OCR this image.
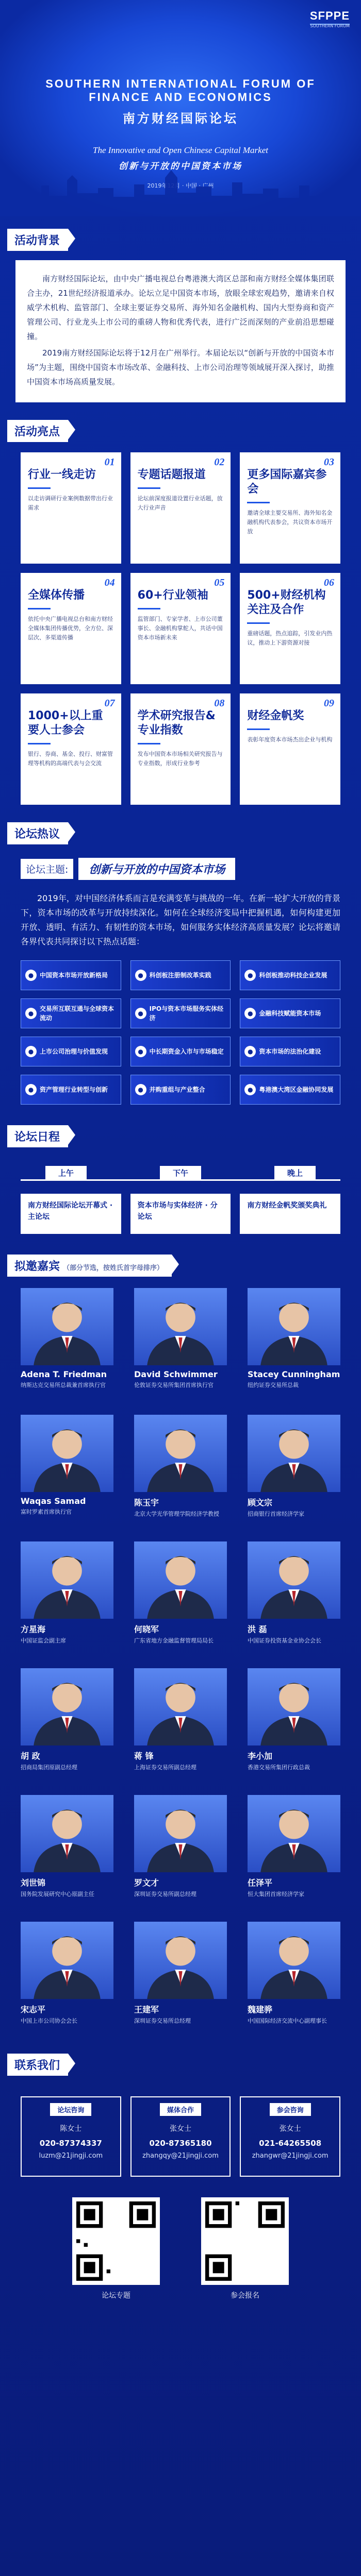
SFPPE
SOUTHERN FORUM
SOUTHERN INTERNATIONAL FORUM OF
FINANCE AND ECONOMICS
南方财经国际论坛
The Innovative and Open Chinese Capital Market
创新与开放的中国资本市场
2019年12月 · 中国 · 广州
活动背景

南方财经国际论坛，由中央广播电视总台粤港澳大湾区总部和南方财经全媒体集团联合主办，21世纪经济报道承办。论坛立足中国资本市场，放眼全球宏观趋势，邀请来自权威学术机构、监管部门、全球主要证券交易所、海外知名金融机构、国内大型券商和资产管理公司、行业龙头上市公司的重磅人物和优秀代表，进行广泛而深刻的产业前沿思想碰撞。

2019南方财经国际论坛将于12月在广州举行。本届论坛以“创新与开放的中国资本市场”为主题，围绕中国资本市场改革、金融科技、上市公司治理等领域展开深入探讨，助推中国资本市场高质量发展。

活动亮点
01
行业一线走访
以走访调研行业案例数据带出行业需求
02
专题话题报道
论坛前深度报道设置行业话题，放大行业声音
03
更多国际嘉宾参会
邀请全球主要交易所、海外知名金融机构代表参会，共议资本市场开放
04
全媒体传播
依托中央广播电视总台和南方财经全媒体集团传播优势，全方位、深层次、多渠道传播
05
60+行业领袖
监管部门、专家学者、上市公司董事长、金融机构掌舵人，共话中国资本市场新未来
06
500+财经机构关注及合作
重磅话题，热点追踪，引发业内热议，推动上下游资源对接
07
1000+以上重要人士参会
银行、券商、基金、投行、财富管理等机构的高端代表与会交流
08
学术研究报告&专业指数
发布中国资本市场相关研究报告与专业指数，形成行业参考
09
财经金帆奖
表彰年度资本市场杰出企业与机构
论坛热议
论坛主题:	创新与开放的中国资本市场

2019年，对中国经济体系而言是充满变革与挑战的一年。在新一轮扩大开放的背景下，资本市场的改革与开放持续深化。如何在全球经济变局中把握机遇，如何构建更加开放、透明、有活力、有韧性的资本市场，如何服务实体经济高质量发展？论坛将邀请各界代表共同探讨以下热点话题：

● 中国资本市场开放新格局	● 科创板注册制改革实践	● 科创板推动科技企业发展
●
交易所互联互通与全球资本流动
●
IPO与资本市场服务实体经济
● 金融科技赋能资本市场
● 上市公司治理与价值发现	● 中长期资金入市与市场稳定	● 资本市场的法治化建设
● 资产管理行业转型与创新	● 并购重组与产业整合	● 粤港澳大湾区金融协同发展
论坛日程
上午	下午	晚上
南方财经国际论坛开幕式 · 主论坛
资本市场与实体经济 · 分论坛
南方财经金帆奖颁奖典礼
拟邀嘉宾 （部分节选，按姓氏首字母排序）
Adena T. Friedman
纳斯达克交易所总裁兼首席执行官
David Schwimmer
伦敦证券交易所集团首席执行官
Stacey Cunningham
纽约证券交易所总裁
Waqas Samad
富时罗素首席执行官
陈玉宇
北京大学光华管理学院经济学教授
顾文宗
招商银行首席经济学家
方星海
中国证监会副主席
何晓军
广东省地方金融监督管理局局长
洪 磊
中国证券投资基金业协会会长
胡 政
招商局集团原副总经理
蒋 锋
上海证券交易所副总经理
李小加
香港交易所集团行政总裁
刘世锦
国务院发展研究中心原副主任
罗文才
深圳证券交易所副总经理
任泽平
恒大集团首席经济学家
宋志平
中国上市公司协会会长
王建军
深圳证券交易所总经理
魏建骅
中国国际经济交流中心副理事长
联系我们
论坛咨询
陈女士
020-87374337
luzm@21jingji.com
媒体合作
张女士
020-87365180
zhangqy@21jingji.com
参会咨询
张女士
021-64265508
zhangwr@21jingji.com
论坛专题	参会报名
